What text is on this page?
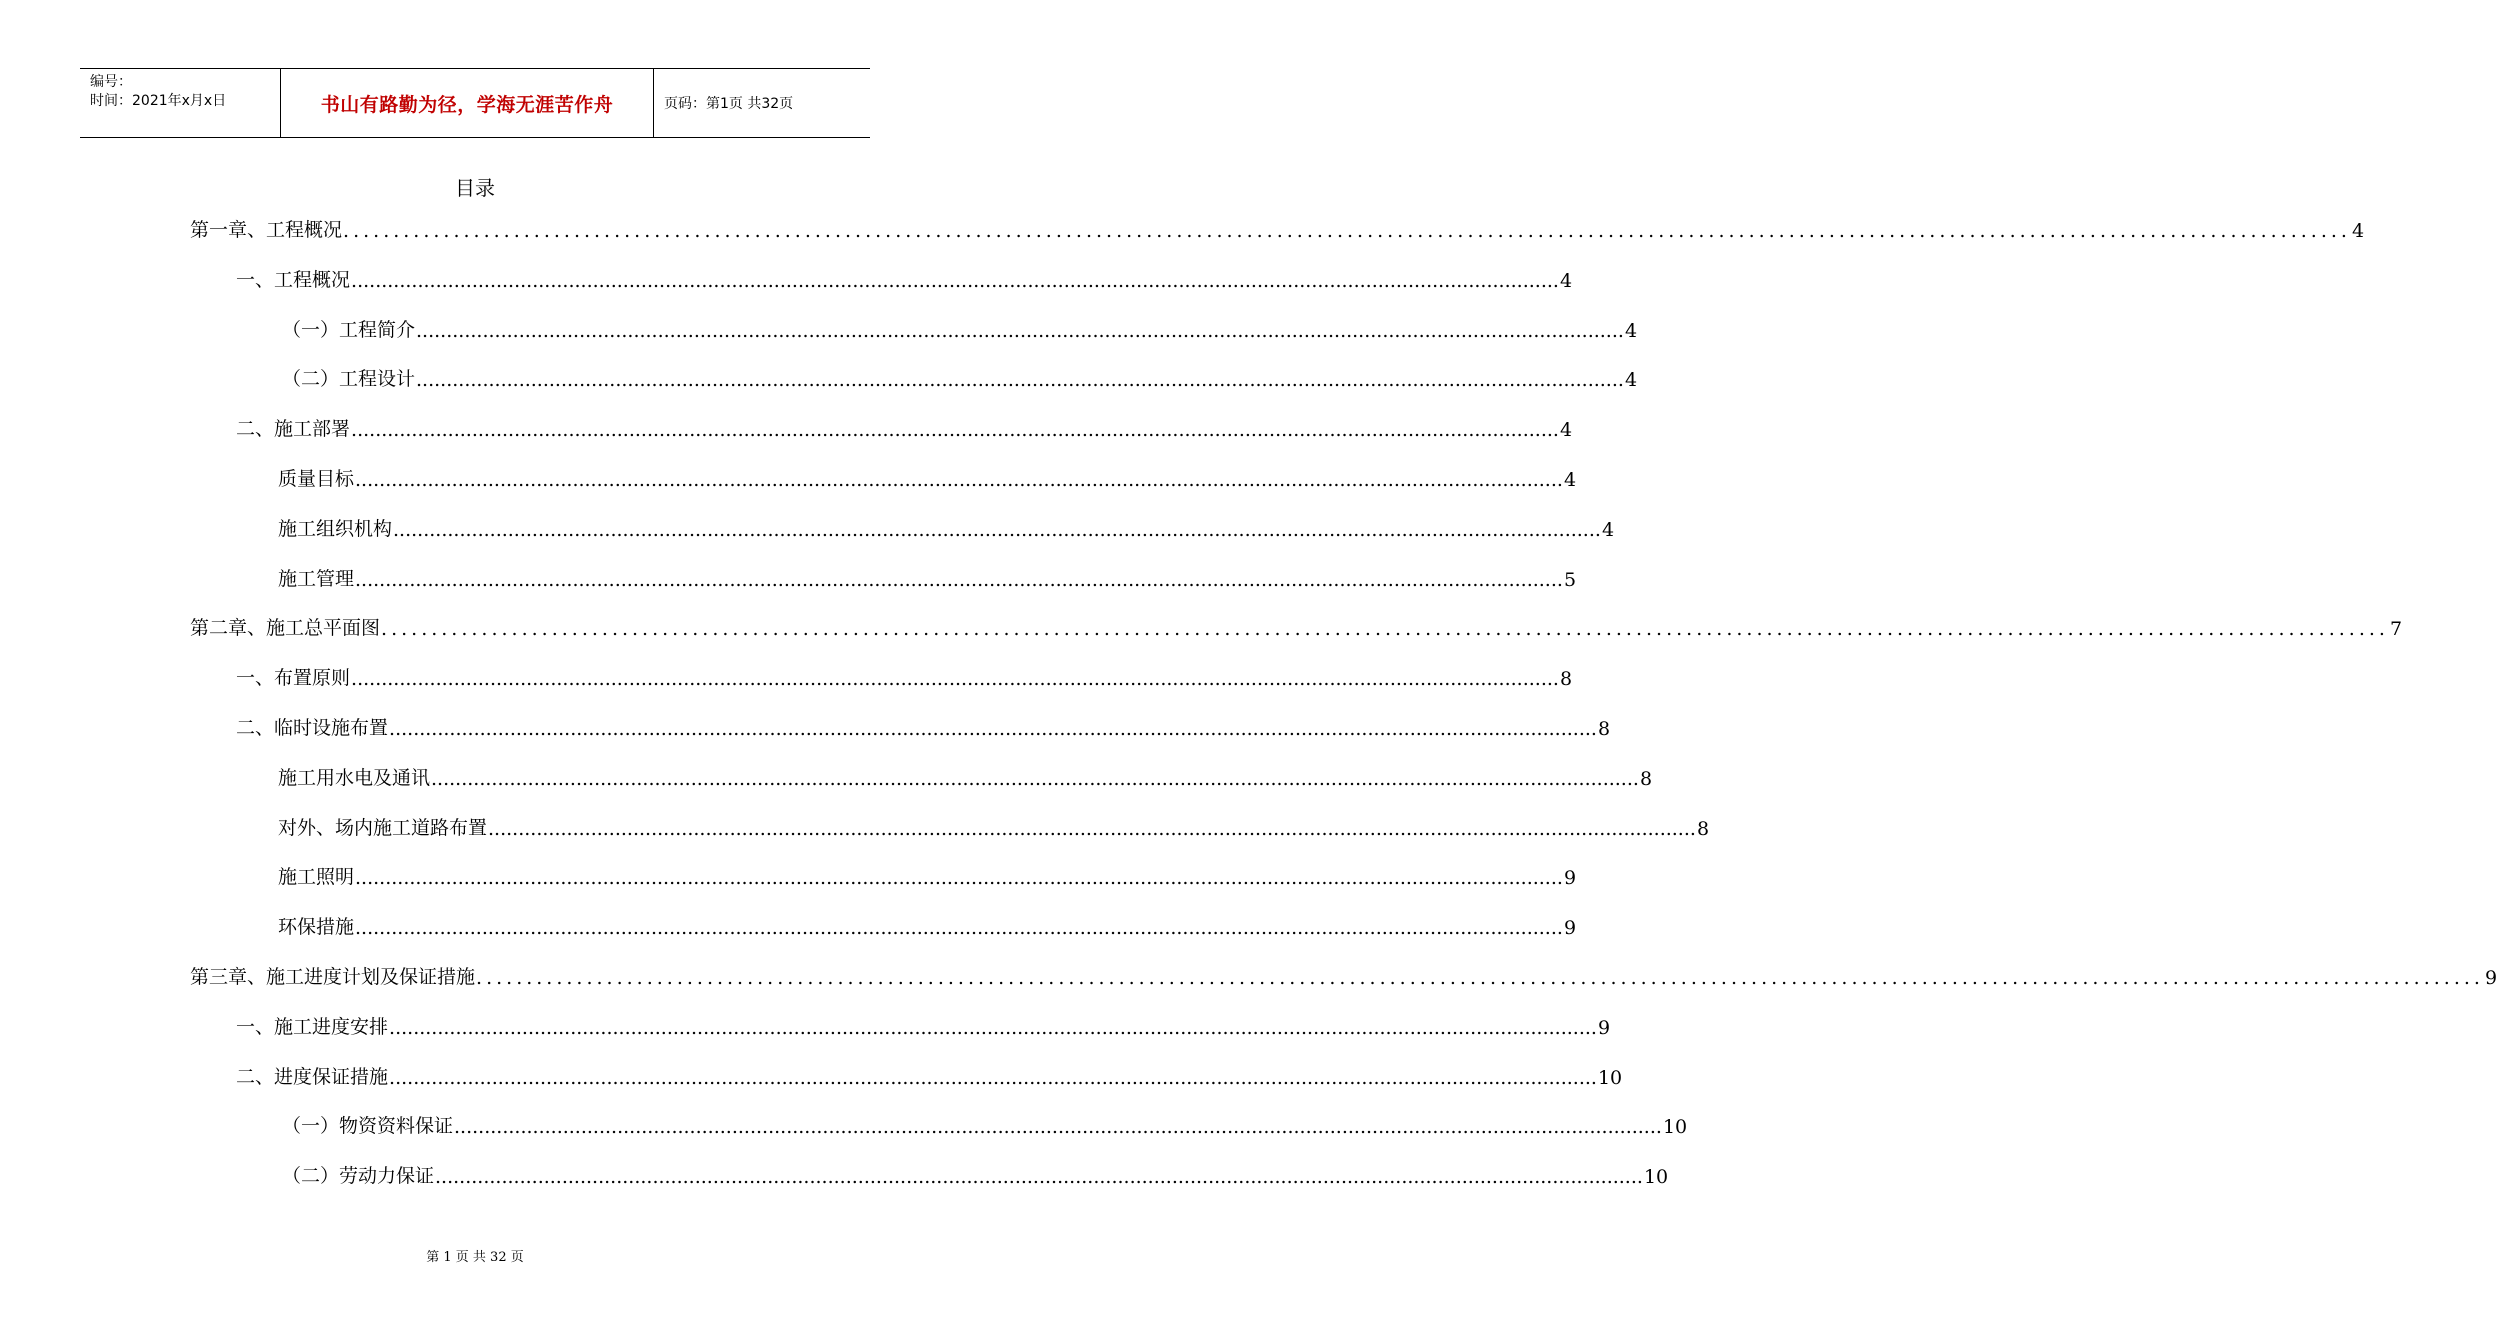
编号：
时间：2021年x月x日	书山有路勤为径，学海无涯苦作舟	页码：第1页 共32页
目录
第一章、 工程概况 ........................................................................................................................................................................................................ 4
一、 工程概况 ........................................................................................................................................................................................................ 4
（一）工程简介 ........................................................................................................................................................................................................ 4
（二）工程设计 ........................................................................................................................................................................................................ 4
二、 施工部署 ........................................................................................................................................................................................................ 4
质量目标 ........................................................................................................................................................................................................ 4
施工组织机构 ........................................................................................................................................................................................................ 4
施工管理 ........................................................................................................................................................................................................ 5
第二章、 施工总平面图 ........................................................................................................................................................................................................ 7
一、 布置原则 ........................................................................................................................................................................................................ 8
二、 临时设施布置 ........................................................................................................................................................................................................ 8
施工用水电及通讯 ........................................................................................................................................................................................................ 8
对外、场内施工道路布置 ........................................................................................................................................................................................................ 8
施工照明 ........................................................................................................................................................................................................ 9
环保措施 ........................................................................................................................................................................................................ 9
第三章、 施工进度计划及保证措施 ........................................................................................................................................................................................................ 9
一、 施工进度安排 ........................................................................................................................................................................................................ 9
二、 进度保证措施 ........................................................................................................................................................................................................ 10
（一）物资资料保证 ........................................................................................................................................................................................................ 10
（二）劳动力保证 ........................................................................................................................................................................................................ 10
第 1 页 共 32 页
